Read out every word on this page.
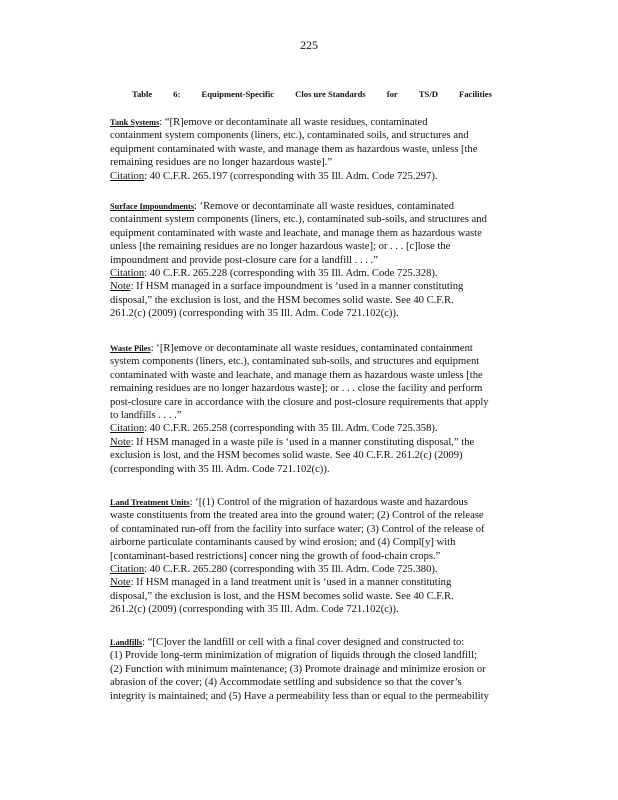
225
Table 6: Equipment-Specific Clos ure Standards for TS/D Facilities
Tank Systems: “[R]emove or decontaminate all waste residues, contaminated
containment system components (liners, etc.), contaminated soils, and structures and
equipment contaminated with waste, and manage them as hazardous waste, unless [the
remaining residues are no longer hazardous waste].”
Citation: 40 C.F.R. 265.197 (corresponding with 35 Ill. Adm. Code 725.297).
Surface Impoundments: ‘Remove or decontaminate all waste residues, contaminated
containment system components (liners, etc.), contaminated sub-soils, and structures and
equipment contaminated with waste and leachate, and manage them as hazardous waste
unless [the remaining residues are no longer hazardous waste]; or . . . [c]lose the
impoundment and provide post-closure care for a landfill . . . .”
Citation: 40 C.F.R. 265.228 (corresponding with 35 Ill. Adm. Code 725.328).
Note: If HSM managed in a surface impoundment is ‘used in a manner constituting
disposal,” the exclusion is lost, and the HSM becomes solid waste. See 40 C.F.R.
261.2(c) (2009) (corresponding with 35 Ill. Adm. Code 721.102(c)).
Waste Piles: ‘[R]emove or decontaminate all waste residues, contaminated containment
system components (liners, etc.), contaminated sub-soils, and structures and equipment
contaminated with waste and leachate, and manage them as hazardous waste unless [the
remaining residues are no longer hazardous waste]; or . . . close the facility and perform
post-closure care in accordance with the closure and post-closure requirements that apply
to landfills . . . .”
Citation: 40 C.F.R. 265.258 (corresponding with 35 Ill. Adm. Code 725.358).
Note: If HSM managed in a waste pile is ‘used in a manner constituting disposal,” the
exclusion is lost, and the HSM becomes solid waste. See 40 C.F.R. 261.2(c) (2009)
(corresponding with 35 Ill. Adm. Code 721.102(c)).
Land Treatment Units: ‘[(1) Control of the migration of hazardous waste and hazardous
waste constituents from the treated area into the ground water; (2) Control of the release
of contaminated run-off from the facility into surface water; (3) Control of the release of
airborne particulate contaminants caused by wind erosion; and (4) Compl[y] with
[contaminant-based restrictions] concer ning the growth of food-chain crops.”
Citation: 40 C.F.R. 265.280 (corresponding with 35 Ill. Adm. Code 725.380).
Note: If HSM managed in a land treatment unit is ‘used in a manner constituting
disposal,” the exclusion is lost, and the HSM becomes solid waste. See 40 C.F.R.
261.2(c) (2009) (corresponding with 35 Ill. Adm. Code 721.102(c)).
Landfills: “[C]over the landfill or cell with a final cover designed and constructed to:
(1) Provide long-term minimization of migration of liquids through the closed landfill;
(2) Function with minimum maintenance; (3) Promote drainage and minimize erosion or
abrasion of the cover; (4) Accommodate settling and subsidence so that the cover’s
integrity is maintained; and (5) Have a permeability less than or equal to the permeability
